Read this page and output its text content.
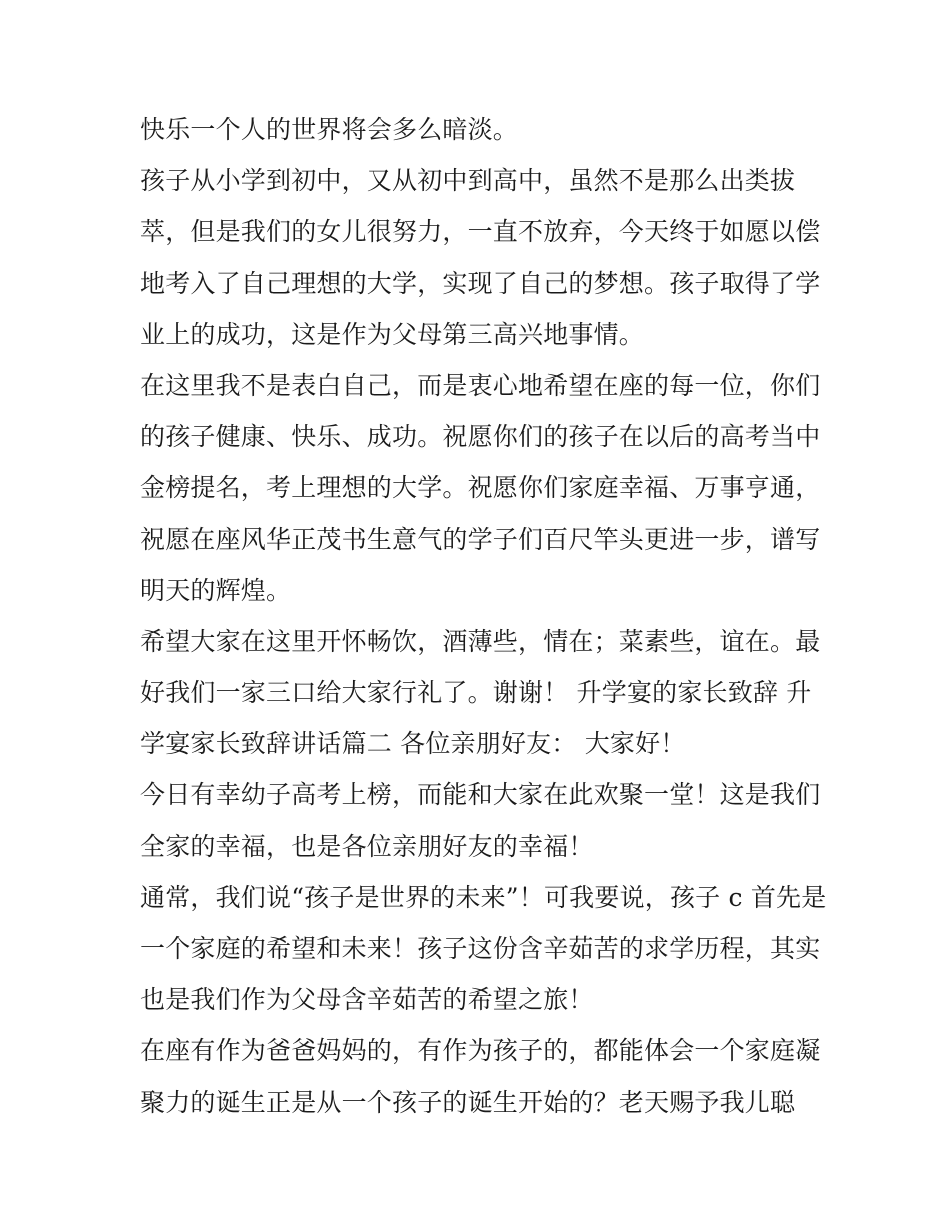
快乐一个人的世界将会多么暗淡。
孩子从小学到初中，又从初中到高中，虽然不是那么出类拔
萃，但是我们的女儿很努力，一直不放弃，今天终于如愿以偿
地考入了自己理想的大学，实现了自己的梦想。孩子取得了学
业上的成功，这是作为父母第三高兴地事情。
在这里我不是表白自己，而是衷心地希望在座的每一位，你们
的孩子健康、快乐、成功。祝愿你们的孩子在以后的高考当中
金榜提名，考上理想的大学。祝愿你们家庭幸福、万事亨通，
祝愿在座风华正茂书生意气的学子们百尺竿头更进一步，谱写
明天的辉煌。
希望大家在这里开怀畅饮，酒薄些，情在；菜素些，谊在。最
好我们一家三口给大家行礼了。谢谢！ 升学宴的家长致辞 升
学宴家长致辞讲话篇二 各位亲朋好友： 大家好！
今日有幸幼子高考上榜，而能和大家在此欢聚一堂！这是我们
全家的幸福，也是各位亲朋好友的幸福！
通常，我们说“孩子是世界的未来”！可我要说，孩子 c 首先是
一个家庭的希望和未来！孩子这份含辛茹苦的求学历程，其实
也是我们作为父母含辛茹苦的希望之旅！
在座有作为爸爸妈妈的，有作为孩子的，都能体会一个家庭凝
聚力的诞生正是从一个孩子的诞生开始的？老天赐予我儿聪
